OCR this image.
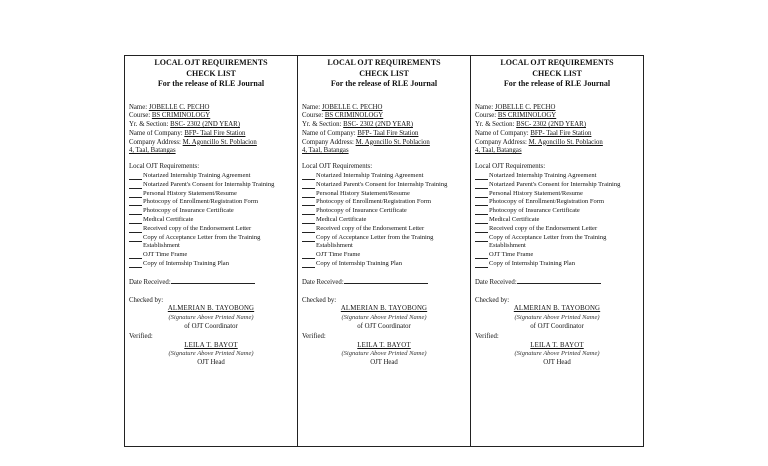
LOCAL OJT REQUIREMENTS
CHECK LIST
For the release of RLE Journal
Name: JOBELLE C. PECHO
Course: BS CRIMINOLOGY
Yr. & Section: BSC- 2302 (2ND YEAR)
Name of Company: BFP- Taal Fire Station
Company Address: M. Agoncillo St. Poblacion
4, Taal, Batangas
Local OJT Requirements:
Notarized Internship Training Agreement
Notarized Parent's Consent for Internship Training
Personal History Statement/Resume
Photocopy of Enrollment/Registration Form
Photocopy of Insurance Certificate
Medical Certificate
Received copy of the Endorsement Letter
Copy of Acceptance Letter from the Training Establishment
OJT Time Frame
Copy of Internship Training Plan
Date Received:
Checked by:
ALMERIAN B. TAYOBONG
(Signature Above Printed Name)
of OJT Coordinator
Verified:
LEILA T. BAYOT
(Signature Above Printed Name)
OJT Head
LOCAL OJT REQUIREMENTS
CHECK LIST
For the release of RLE Journal
Name: JOBELLE C. PECHO
Course: BS CRIMINOLOGY
Yr. & Section: BSC- 2302 (2ND YEAR)
Name of Company: BFP- Taal Fire Station
Company Address: M. Agoncillo St. Poblacion
4, Taal, Batangas
Local OJT Requirements:
Notarized Internship Training Agreement
Notarized Parent's Consent for Internship Training
Personal History Statement/Resume
Photocopy of Enrollment/Registration Form
Photocopy of Insurance Certificate
Medical Certificate
Received copy of the Endorsement Letter
Copy of Acceptance Letter from the Training Establishment
OJT Time Frame
Copy of Internship Training Plan
Date Received:
Checked by:
ALMERIAN B. TAYOBONG
(Signature Above Printed Name)
of OJT Coordinator
Verified:
LEILA T. BAYOT
(Signature Above Printed Name)
OJT Head
LOCAL OJT REQUIREMENTS
CHECK LIST
For the release of RLE Journal
Name: JOBELLE C. PECHO
Course: BS CRIMINOLOGY
Yr. & Section: BSC- 2302 (2ND YEAR)
Name of Company: BFP- Taal Fire Station
Company Address: M. Agoncillo St. Poblacion
4, Taal, Batangas
Local OJT Requirements:
Notarized Internship Training Agreement
Notarized Parent's Consent for Internship Training
Personal History Statement/Resume
Photocopy of Enrollment/Registration Form
Photocopy of Insurance Certificate
Medical Certificate
Received copy of the Endorsement Letter
Copy of Acceptance Letter from the Training Establishment
OJT Time Frame
Copy of Internship Training Plan
Date Received:
Checked by:
ALMERIAN B. TAYOBONG
(Signature Above Printed Name)
of OJT Coordinator
Verified:
LEILA T. BAYOT
(Signature Above Printed Name)
OJT Head
